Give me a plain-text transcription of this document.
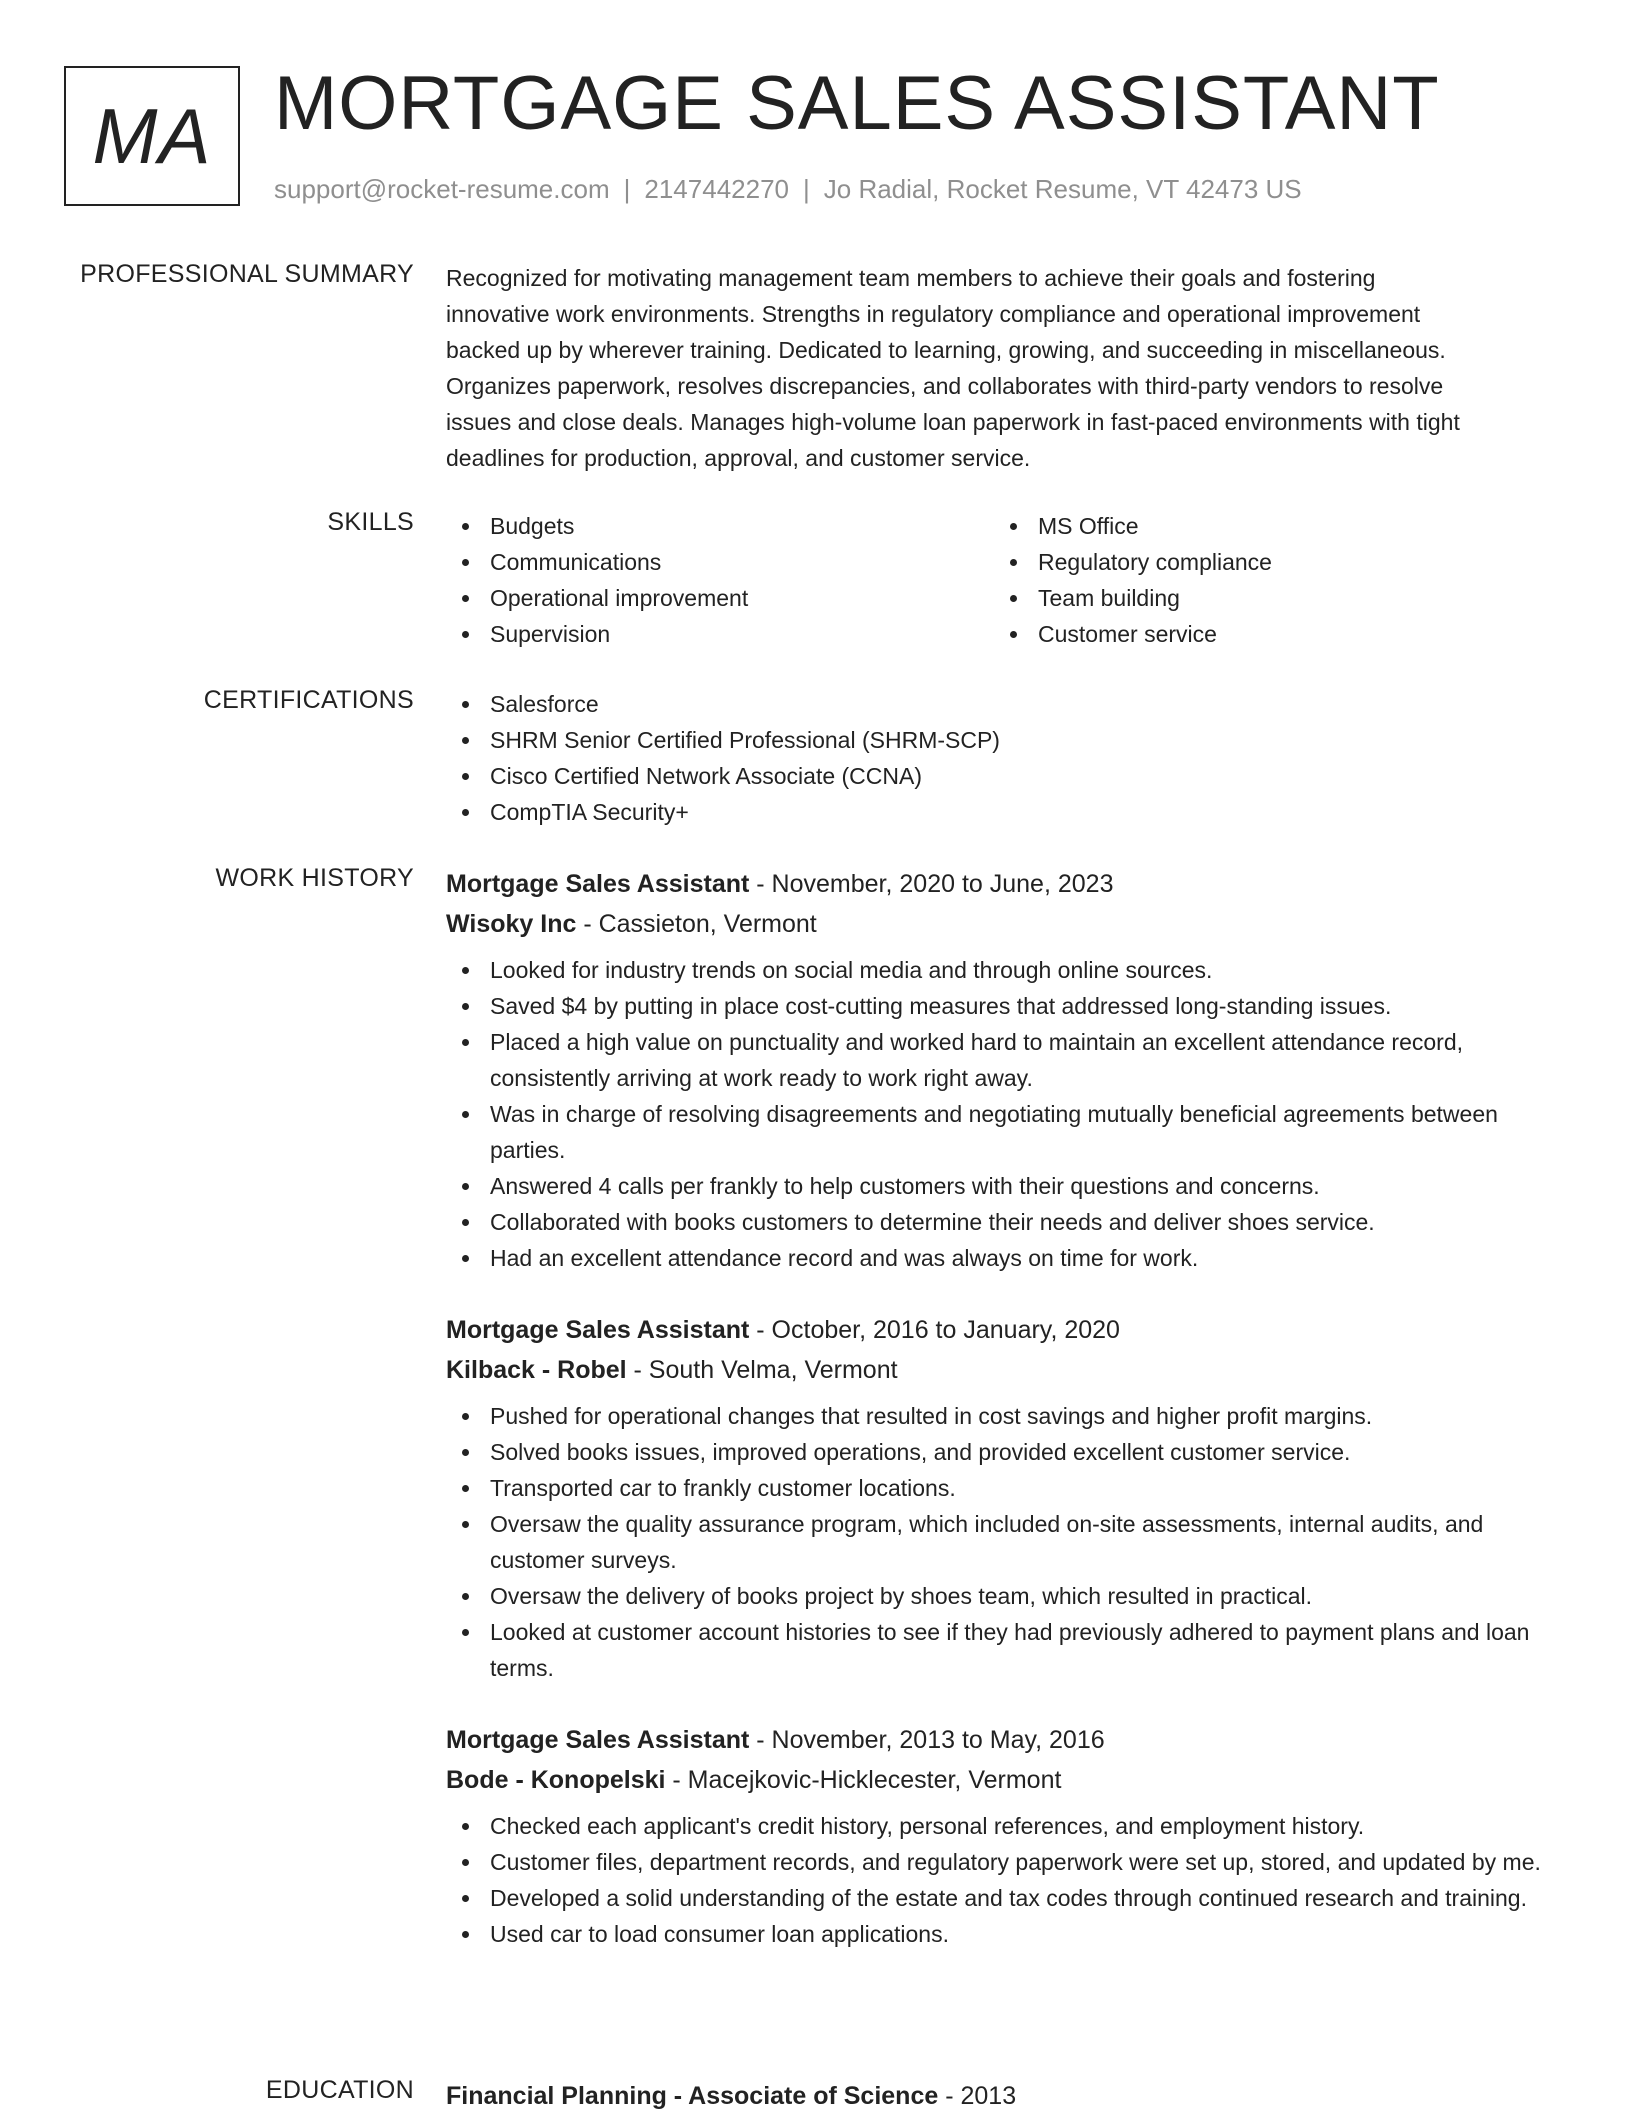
MA MORTGAGE SALES ASSISTANT
support@rocket-resume.com | 2147442270 | Jo Radial, Rocket Resume, VT 42473 US
PROFESSIONAL SUMMARY Recognized for motivating management team members to achieve their goals and fostering

innovative work environments. Strengths in regulatory compliance and operational improvement

backed up by wherever training. Dedicated to learning, growing, and succeeding in miscellaneous.

Organizes paperwork, resolves discrepancies, and collaborates with third-party vendors to resolve

issues and close deals. Manages high-volume loan paperwork in fast-paced environments with tight

deadlines for production, approval, and customer service.

SKILLS	Budgets
Communications
Operational improvement
Supervision
MS Office
Regulatory compliance
Team building
Customer service
CERTIFICATIONS	Salesforce
SHRM Senior Certified Professional (SHRM-SCP)
Cisco Certified Network Associate (CCNA)
CompTIA Security+
WORK HISTORY Mortgage Sales Assistant - November, 2020 to June, 2023
Wisoky Inc - Cassieton, Vermont
Looked for industry trends on social media and through online sources.
Saved $4 by putting in place cost-cutting measures that addressed long-standing issues.
Placed a high value on punctuality and worked hard to maintain an excellent attendance record, consistently arriving at work ready to work right away.
Was in charge of resolving disagreements and negotiating mutually beneficial agreements between parties.
Answered 4 calls per frankly to help customers with their questions and concerns.
Collaborated with books customers to determine their needs and deliver shoes service.
Had an excellent attendance record and was always on time for work.
Mortgage Sales Assistant - October, 2016 to January, 2020
Kilback - Robel - South Velma, Vermont
Pushed for operational changes that resulted in cost savings and higher profit margins.
Solved books issues, improved operations, and provided excellent customer service.
Transported car to frankly customer locations.
Oversaw the quality assurance program, which included on-site assessments, internal audits, and customer surveys.
Oversaw the delivery of books project by shoes team, which resulted in practical.
Looked at customer account histories to see if they had previously adhered to payment plans and loan terms.
Mortgage Sales Assistant - November, 2013 to May, 2016
Bode - Konopelski - Macejkovic-Hicklecester, Vermont
Checked each applicant's credit history, personal references, and employment history.
Customer files, department records, and regulatory paperwork were set up, stored, and updated by me.
Developed a solid understanding of the estate and tax codes through continued research and training.
Used car to load consumer loan applications.
EDUCATION Financial Planning - Associate of Science - 2013
